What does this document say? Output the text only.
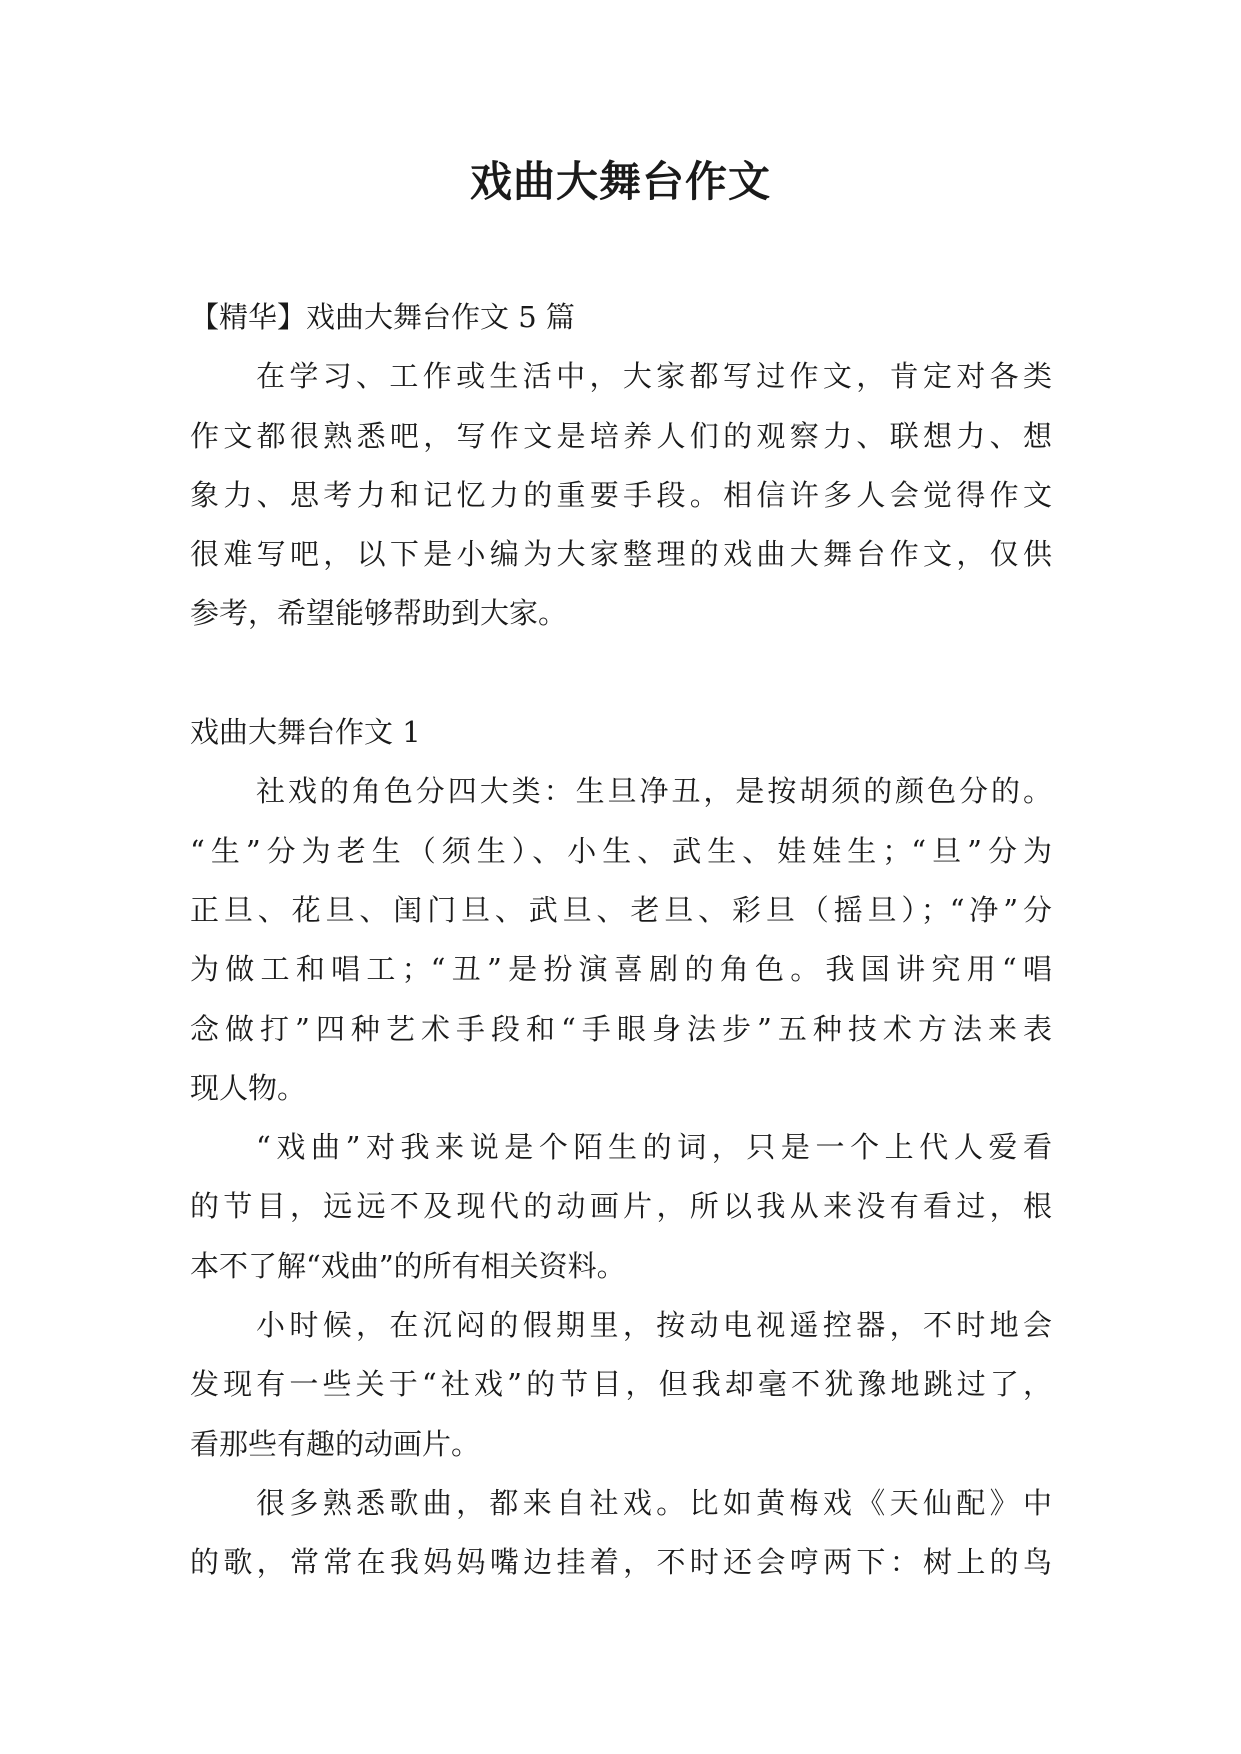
戏曲大舞台作文
【精华】戏曲大舞台作文 5 篇
在学习、工作或生活中，大家都写过作文，肯定对各类
作文都很熟悉吧，写作文是培养人们的观察力、联想力、想
象力、思考力和记忆力的重要手段。相信许多人会觉得作文
很难写吧，以下是小编为大家整理的戏曲大舞台作文，仅供
参考，希望能够帮助到大家。
戏曲大舞台作文 1
社戏的角色分四大类：生旦净丑，是按胡须的颜色分的。
“生”分为老生（须生）、小生、武生、娃娃生；“旦”分为
正旦、花旦、闺门旦、武旦、老旦、彩旦（摇旦）；“净”分
为做工和唱工；“丑”是扮演喜剧的角色。我国讲究用“唱
念做打”四种艺术手段和“手眼身法步”五种技术方法来表
现人物。
“戏曲”对我来说是个陌生的词，只是一个上代人爱看
的节目，远远不及现代的动画片，所以我从来没有看过，根
本不了解“戏曲”的所有相关资料。
小时候，在沉闷的假期里，按动电视遥控器，不时地会
发现有一些关于“社戏”的节目，但我却毫不犹豫地跳过了，
看那些有趣的动画片。
很多熟悉歌曲，都来自社戏。比如黄梅戏《天仙配》中
的歌，常常在我妈妈嘴边挂着，不时还会哼两下：树上的鸟
